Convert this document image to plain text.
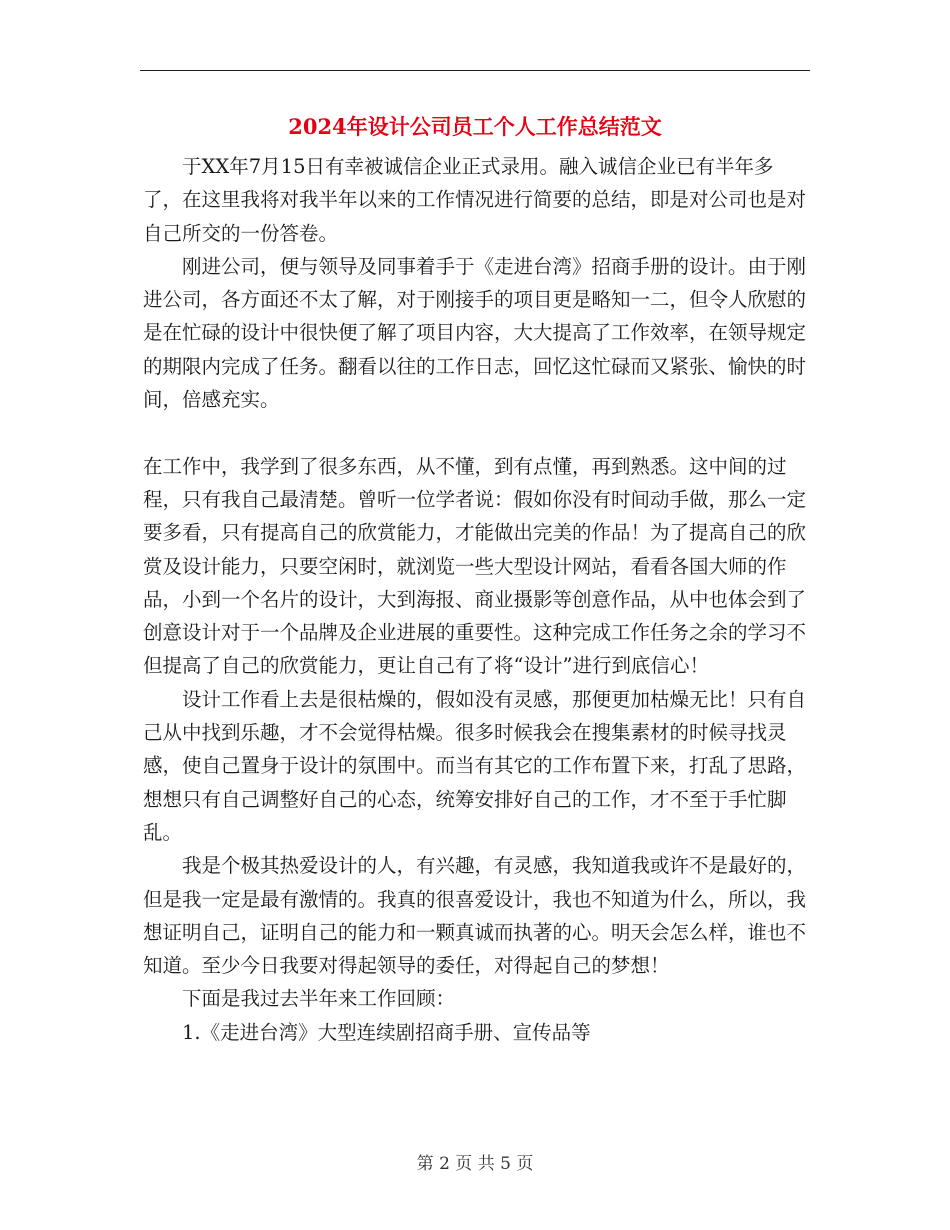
2024年设计公司员工个人工作总结范文

于XX年7月15日有幸被诚信企业正式录用。融入诚信企业已有半年多了，在这里我将对我半年以来的工作情况进行简要的总结，即是对公司也是对自己所交的一份答卷。

刚进公司，便与领导及同事着手于《走进台湾》招商手册的设计。由于刚进公司，各方面还不太了解，对于刚接手的项目更是略知一二，但令人欣慰的是在忙碌的设计中很快便了解了项目内容，大大提高了工作效率，在领导规定的期限内完成了任务。翻看以往的工作日志，回忆这忙碌而又紧张、愉快的时间，倍感充实。

在工作中，我学到了很多东西，从不懂，到有点懂，再到熟悉。这中间的过程，只有我自己最清楚。曾听一位学者说：假如你没有时间动手做，那么一定要多看，只有提高自己的欣赏能力，才能做出完美的作品！为了提高自己的欣赏及设计能力，只要空闲时，就浏览一些大型设计网站，看看各国大师的作品，小到一个名片的设计，大到海报、商业摄影等创意作品，从中也体会到了创意设计对于一个品牌及企业进展的重要性。这种完成工作任务之余的学习不但提高了自己的欣赏能力，更让自己有了将“设计”进行到底信心！

设计工作看上去是很枯燥的，假如没有灵感，那便更加枯燥无比！只有自己从中找到乐趣，才不会觉得枯燥。很多时候我会在搜集素材的时候寻找灵感，使自己置身于设计的氛围中。而当有其它的工作布置下来，打乱了思路，想想只有自己调整好自己的心态，统筹安排好自己的工作，才不至于手忙脚乱。

我是个极其热爱设计的人，有兴趣，有灵感，我知道我或许不是最好的，但是我一定是最有激情的。我真的很喜爱设计，我也不知道为什么，所以，我想证明自己，证明自己的能力和一颗真诚而执著的心。明天会怎么样，谁也不知道。至少今日我要对得起领导的委任，对得起自己的梦想！

下面是我过去半年来工作回顾：

1.《走进台湾》大型连续剧招商手册、宣传品等

第 2 页 共 5 页
